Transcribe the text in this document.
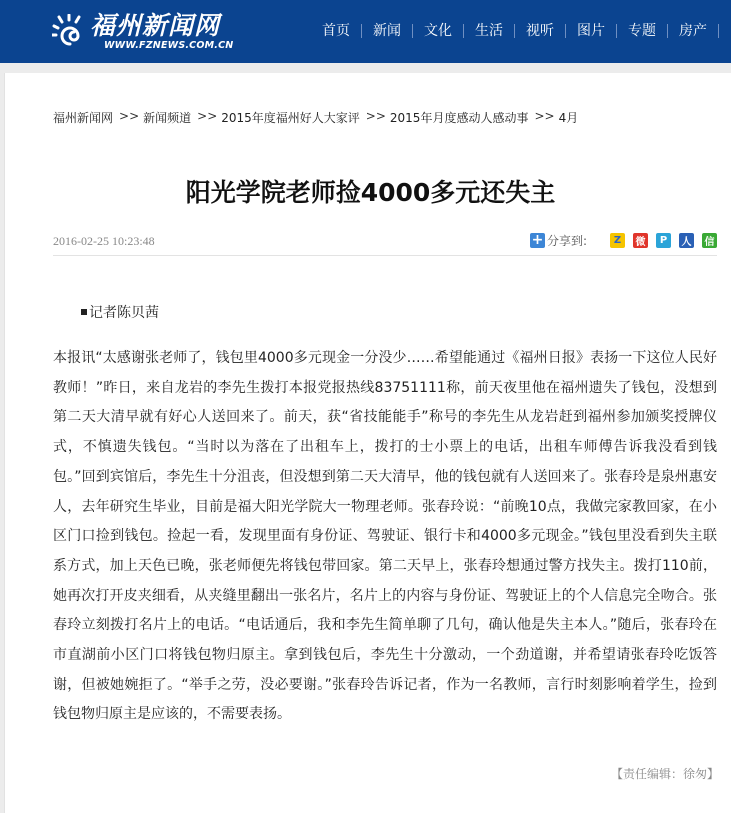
福州新闻网
WWW.FZNEWS.COM.CN
首页 新闻 文化 生活 视听 图片 专题 房产
福州新闻网 >> 新闻频道 >> 2015年度福州好人大家评 >> 2015年月度感动人感动事 >> 4月
阳光学院老师捡4000多元还失主
2016-02-25 10:23:48	+ 分享到:	Z	微	P	人 信
记者陈贝茜

本报讯“太感谢张老师了，钱包里4000多元现金一分没少……希望能通过《福州日报》表扬一下这位人民好教师！”昨日，来自龙岩的李先生拨打本报党报热线83751111称，前天夜里他在福州遗失了钱包，没想到第二天大清早就有好心人送回来了。前天，获“省技能能手”称号的李先生从龙岩赶到福州参加颁奖授牌仪式，不慎遗失钱包。“当时以为落在了出租车上，拨打的士小票上的电话，出租车师傅告诉我没看到钱包。”回到宾馆后，李先生十分沮丧，但没想到第二天大清早，他的钱包就有人送回来了。张春玲是泉州惠安人，去年研究生毕业，目前是福大阳光学院大一物理老师。张春玲说：“前晚10点，我做完家教回家，在小区门口捡到钱包。捡起一看，发现里面有身份证、驾驶证、银行卡和4000多元现金。”钱包里没看到失主联系方式，加上天色已晚，张老师便先将钱包带回家。第二天早上，张春玲想通过警方找失主。拨打110前，她再次打开皮夹细看，从夹缝里翻出一张名片，名片上的内容与身份证、驾驶证上的个人信息完全吻合。张春玲立刻拨打名片上的电话。“电话通后，我和李先生简单聊了几句，确认他是失主本人。”随后，张春玲在市直湖前小区门口将钱包物归原主。拿到钱包后，李先生十分激动，一个劲道谢，并希望请张春玲吃饭答谢，但被她婉拒了。“举手之劳，没必要谢。”张春玲告诉记者，作为一名教师，言行时刻影响着学生，捡到钱包物归原主是应该的，不需要表扬。

【责任编辑：徐匆】
